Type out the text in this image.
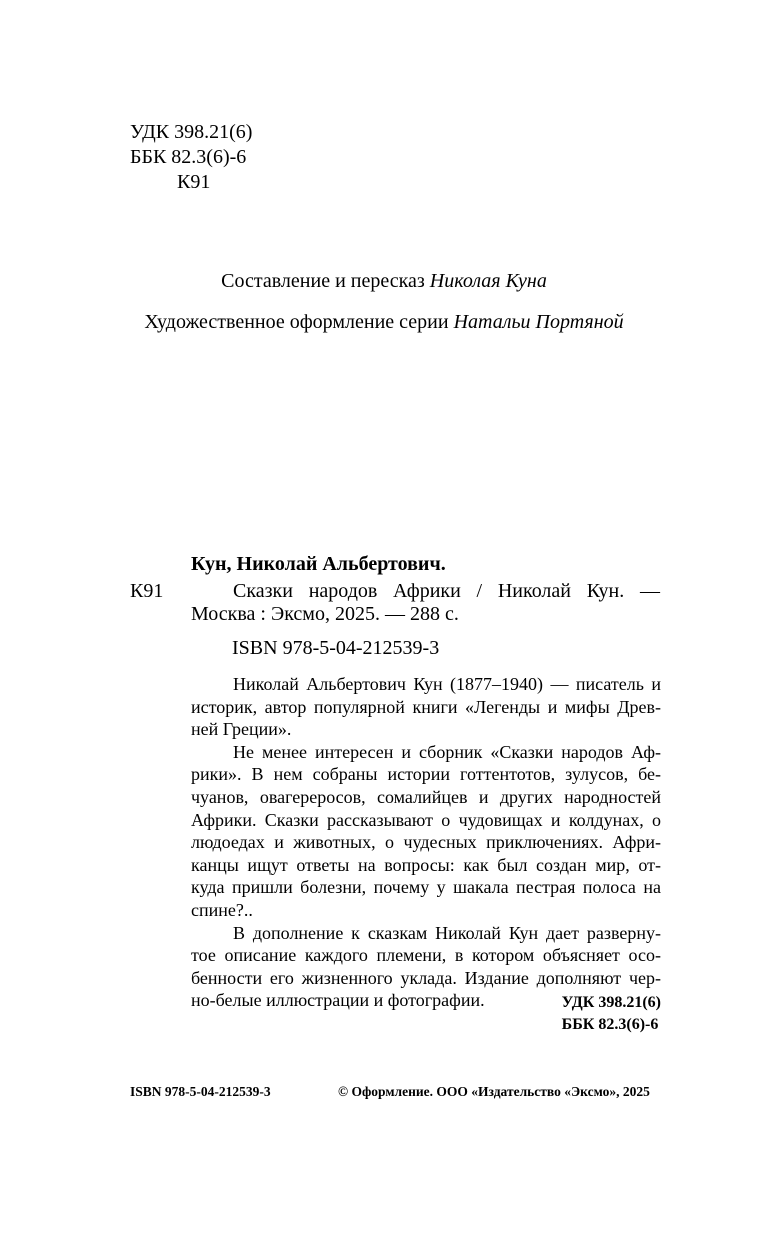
УДК 398.21(6)
ББК 82.3(6)-6
К91
Составление и пересказ Николая Куна
Художественное оформление серии Натальи Портяной
Кун, Николай Альбертович.
К91	Сказки народов Африки / Николай Кун. —
Москва : Эксмо, 2025. — 288 с.
ISBN 978-5-04-212539-3
Николай Альбертович Кун (1877–1940) — писатель и
историк, автор популярной книги «Легенды и мифы Древ-
ней Греции».
Не менее интересен и сборник «Сказки народов Аф-
рики». В нем собраны истории готтентотов, зулусов, бе-
чуанов, овагереросов, сомалийцев и других народностей
Африки. Сказки рассказывают о чудовищах и колдунах, о
людоедах и животных, о чудесных приключениях. Афри-
канцы ищут ответы на вопросы: как был создан мир, от-
куда пришли болезни, почему у шакала пестрая полоса на
спине?..
В дополнение к сказкам Николай Кун дает разверну-
тое описание каждого племени, в котором объясняет осо-
бенности его жизненного уклада. Издание дополняют чер-
но-белые иллюстрации и фотографии.	УДК 398.21(6)
ББК 82.3(6)-6
ISBN 978-5-04-212539-3	© Оформление. ООО «Издательство «Эксмо», 2025
